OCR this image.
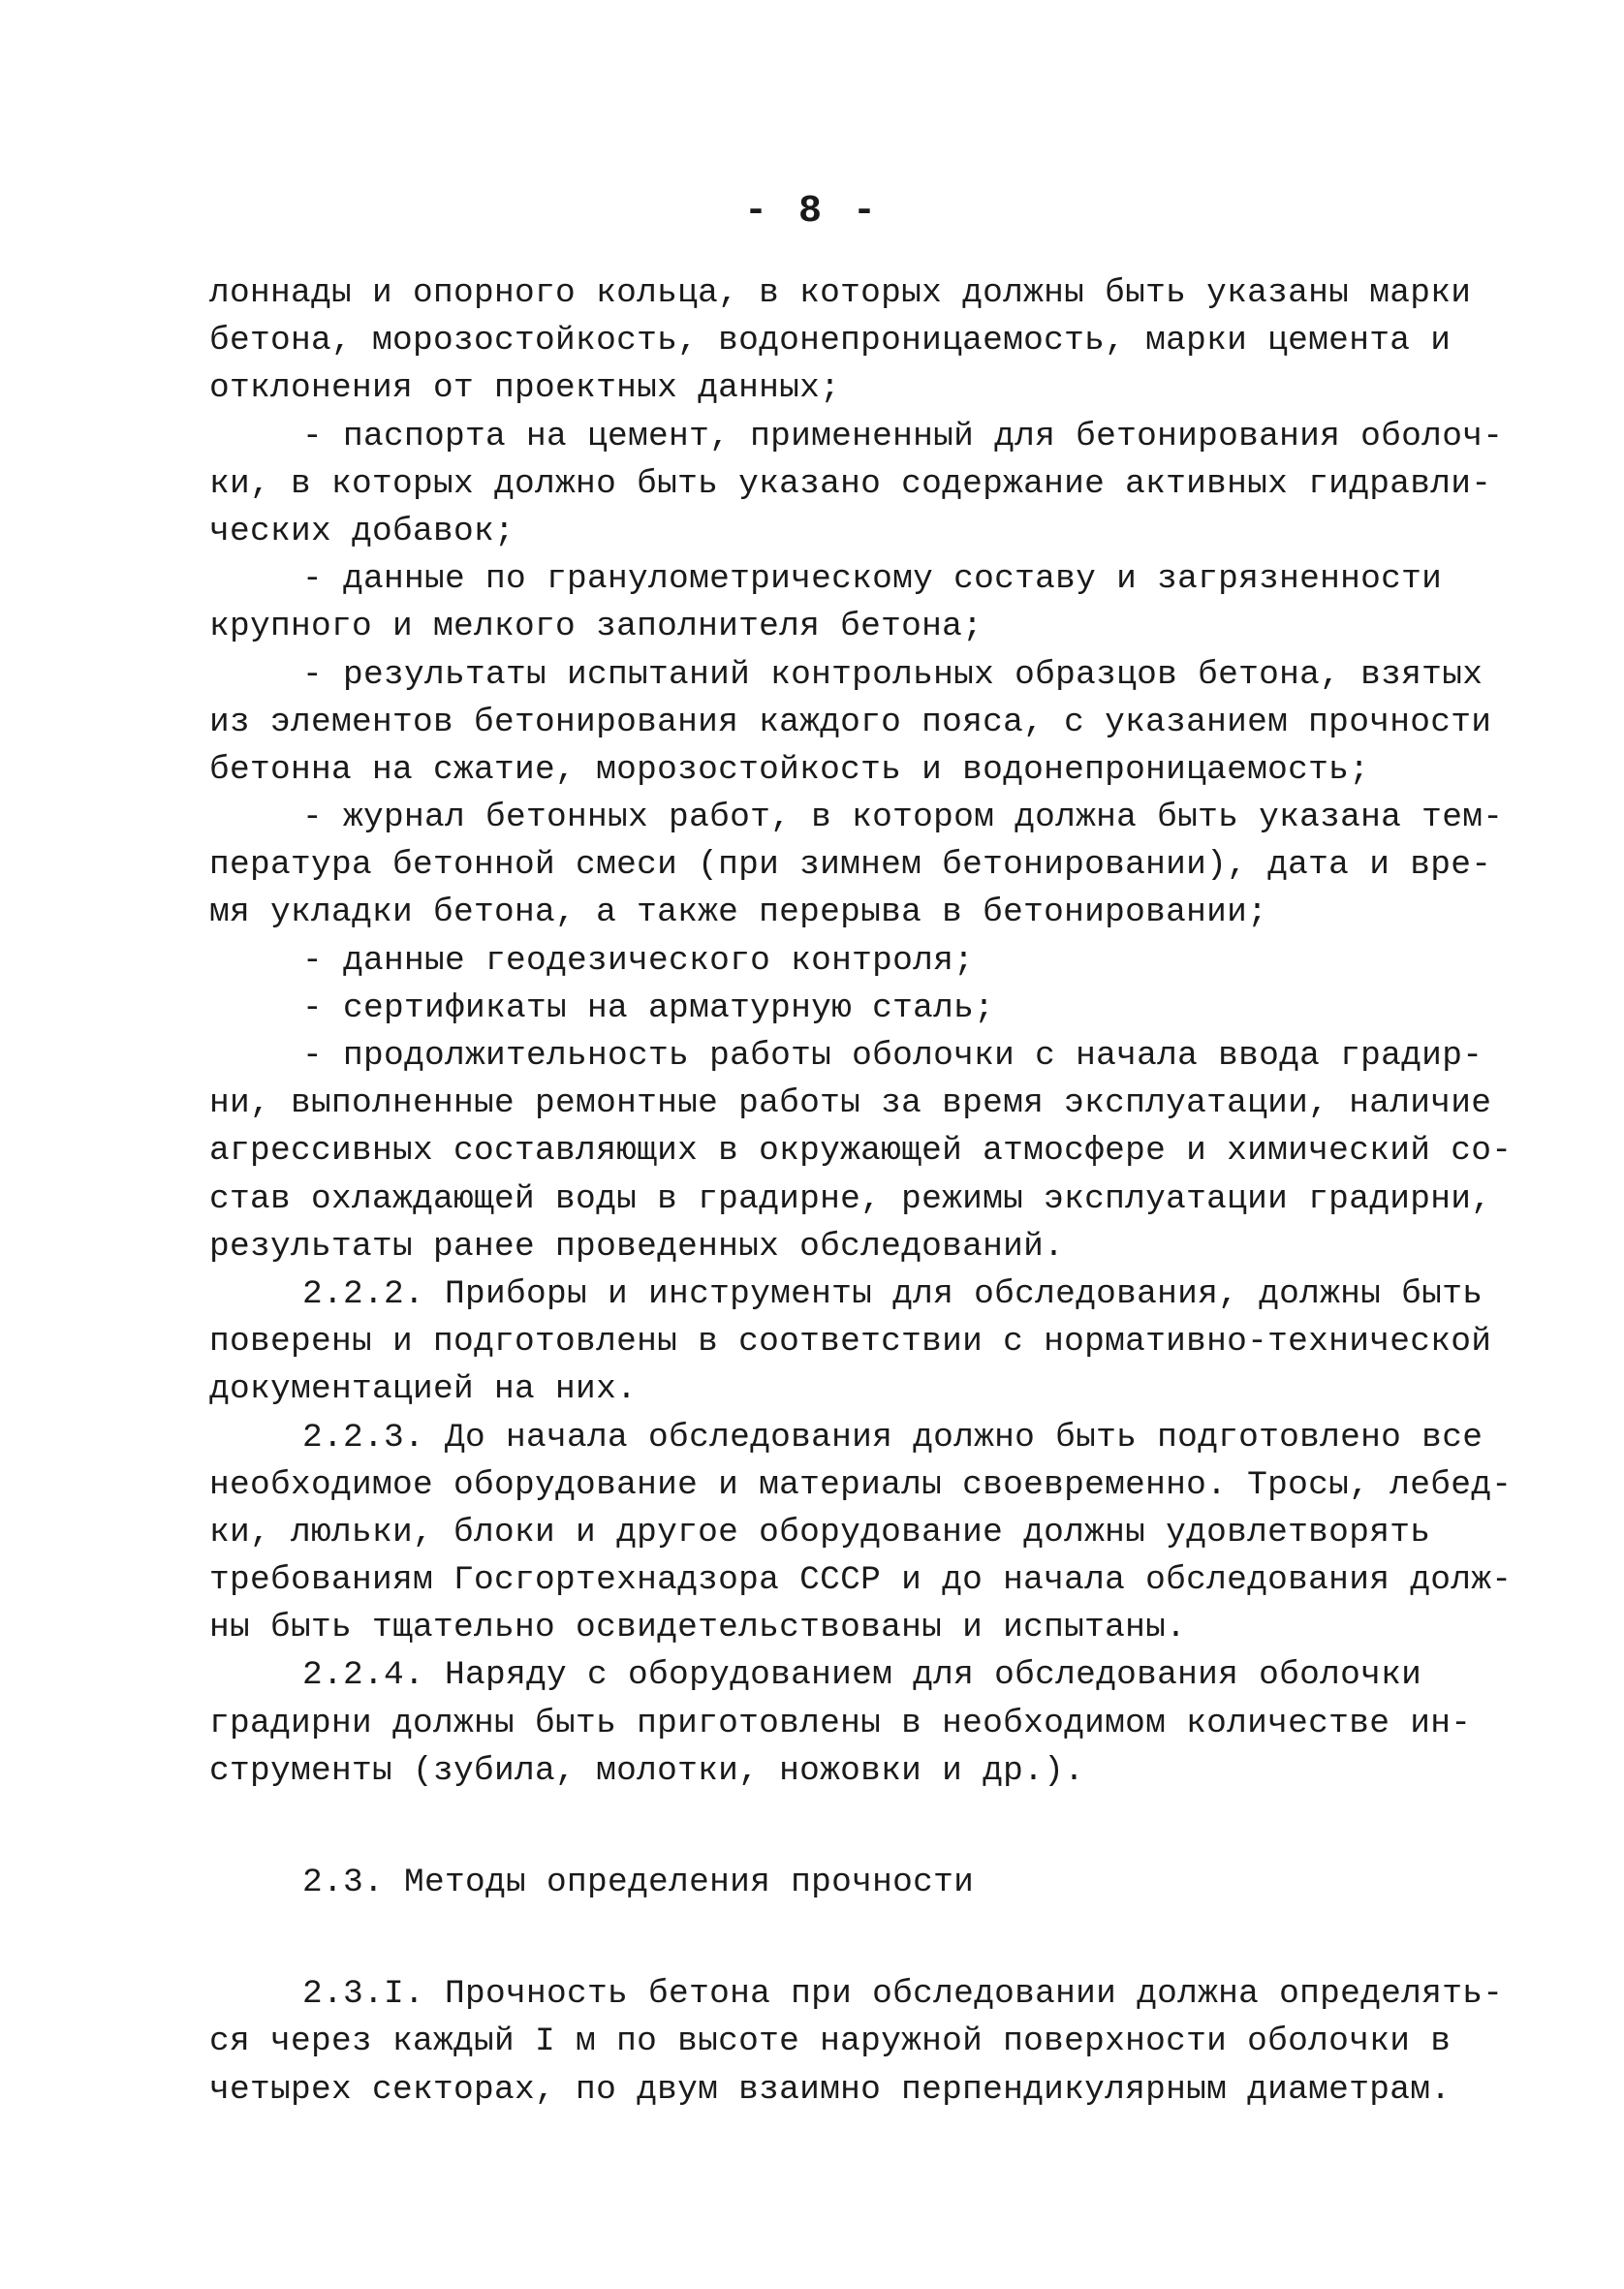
- 8 -
лоннады и опорного кольца, в которых должны быть указаны марки
бетона, морозостойкость, водонепроницаемость, марки цемента и
отклонения от проектных данных;
- паспорта на цемент, примененный для бетонирования оболоч-
ки, в которых должно быть указано содержание активных гидравли-
ческих добавок;
- данные по гранулометрическому составу и загрязненности
крупного и мелкого заполнителя бетона;
- результаты испытаний контрольных образцов бетона, взятых
из элементов бетонирования каждого пояса, с указанием прочности
бетонна на сжатие, морозостойкость и водонепроницаемость;
- журнал бетонных работ, в котором должна быть указана тем-
пература бетонной смеси (при зимнем бетонировании), дата и вре-
мя укладки бетона, а также перерыва в бетонировании;
- данные геодезического контроля;
- сертификаты на арматурную сталь;
- продолжительность работы оболочки с начала ввода градир-
ни, выполненные ремонтные работы за время эксплуатации, наличие
агрессивных составляющих в окружающей атмосфере и химический со-
став охлаждающей воды в градирне, режимы эксплуатации градирни,
результаты ранее проведенных обследований.
2.2.2. Приборы и инструменты для обследования, должны быть
поверены и подготовлены в соответствии с нормативно-технической
документацией на них.
2.2.3. До начала обследования должно быть подготовлено все
необходимое оборудование и материалы своевременно. Тросы, лебед-
ки, люльки, блоки и другое оборудование должны удовлетворять
требованиям Госгортехнадзора СССР и до начала обследования долж-
ны быть тщательно освидетельствованы и испытаны.
2.2.4. Наряду с оборудованием для обследования оболочки
градирни должны быть приготовлены в необходимом количестве ин-
струменты (зубила, молотки, ножовки и др.).
2.3. Методы определения прочности
2.3.I. Прочность бетона при обследовании должна определять-
ся через каждый I м по высоте наружной поверхности оболочки в
четырех секторах, по двум взаимно перпендикулярным диаметрам.
